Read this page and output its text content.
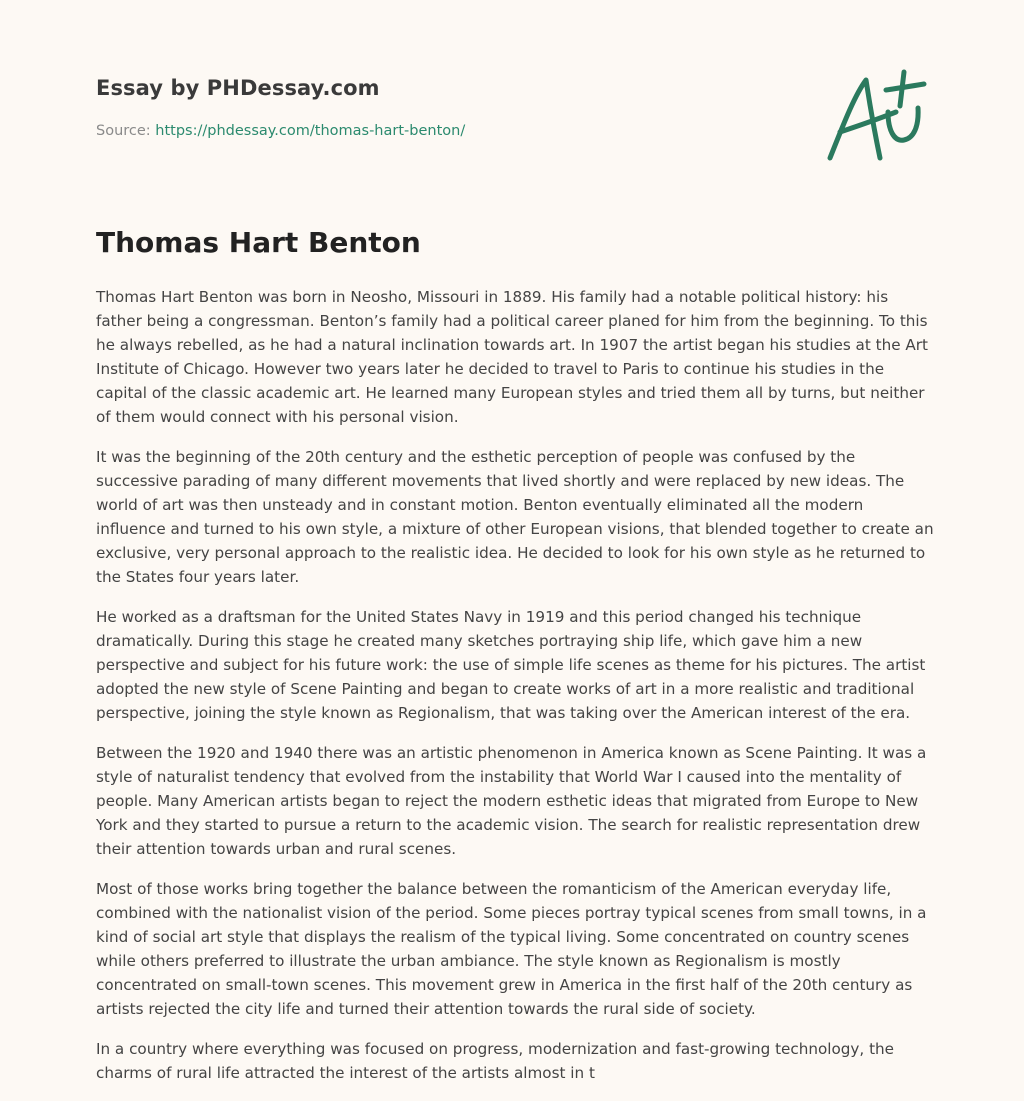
Essay by PHDessay.com
Source: https://phdessay.com/thomas-hart-benton/
Thomas Hart Benton

Thomas Hart Benton was born in Neosho, Missouri in 1889. His family had a notable political history: his father being a congressman. Benton’s family had a political career planed for him from the beginning. To this he always rebelled, as he had a natural inclination towards art. In 1907 the artist began his studies at the Art Institute of Chicago. However two years later he decided to travel to Paris to continue his studies in the capital of the classic academic art. He learned many European styles and tried them all by turns, but neither of them would connect with his personal vision.

It was the beginning of the 20th century and the esthetic perception of people was confused by the successive parading of many different movements that lived shortly and were replaced by new ideas. The world of art was then unsteady and in constant motion. Benton eventually eliminated all the modern influence and turned to his own style, a mixture of other European visions, that blended together to create an exclusive, very personal approach to the realistic idea. He decided to look for his own style as he returned to the States four years later.

He worked as a draftsman for the United States Navy in 1919 and this period changed his technique dramatically. During this stage he created many sketches portraying ship life, which gave him a new perspective and subject for his future work: the use of simple life scenes as theme for his pictures. The artist adopted the new style of Scene Painting and began to create works of art in a more realistic and traditional perspective, joining the style known as Regionalism, that was taking over the American interest of the era.

Between the 1920 and 1940 there was an artistic phenomenon in America known as Scene Painting. It was a style of naturalist tendency that evolved from the instability that World War I caused into the mentality of people. Many American artists began to reject the modern esthetic ideas that migrated from Europe to New York and they started to pursue a return to the academic vision. The search for realistic representation drew their attention towards urban and rural scenes.

Most of those works bring together the balance between the romanticism of the American everyday life, combined with the nationalist vision of the period. Some pieces portray typical scenes from small towns, in a kind of social art style that displays the realism of the typical living. Some concentrated on country scenes while others preferred to illustrate the urban ambiance. The style known as Regionalism is mostly concentrated on small-town scenes. This movement grew in America in the first half of the 20th century as artists rejected the city life and turned their attention towards the rural side of society.

In a country where everything was focused on progress, modernization and fast-growing technology, the charms of rural life attracted the interest of the artists almost in t
